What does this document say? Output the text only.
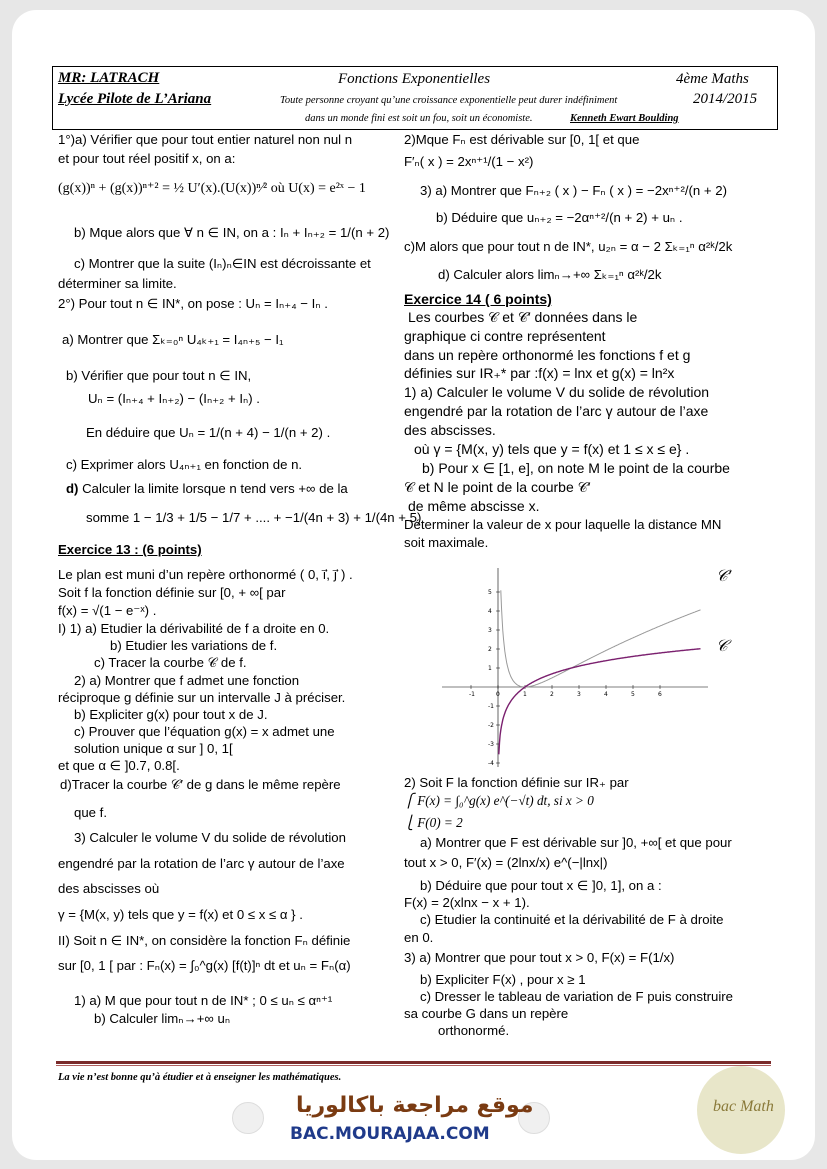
MR: LATRACH
Lycée Pilote de L’Ariana
Fonctions Exponentielles
Toute personne croyant qu’une croissance exponentielle peut durer indéfiniment
dans un monde fini est soit un fou, soit un économiste.	Kenneth Ewart Boulding
4ème Maths
2014/2015
1°)a) Vérifier que pour tout entier naturel non nul n
et pour tout réel positif x, on a:
(g(x))ⁿ + (g(x))ⁿ⁺² = ½ U′(x).(U(x))ⁿ⁄² où U(x) = e²ˣ − 1
b) Mque alors que ∀ n ∈ IN, on a : Iₙ + Iₙ₊₂ = 1/(n + 2)
c) Montrer que la suite (Iₙ)ₙ∈IN est décroissante et
déterminer sa limite.
2°) Pour tout n ∈ IN*, on pose : Uₙ = Iₙ₊₄ − Iₙ .
a) Montrer que Σₖ₌₀ⁿ U₄ₖ₊₁ = I₄ₙ₊₅ − I₁
b) Vérifier que pour tout n ∈ IN,
Uₙ = (Iₙ₊₄ + Iₙ₊₂) − (Iₙ₊₂ + Iₙ) .
En déduire que Uₙ = 1/(n + 4) − 1/(n + 2) .
c) Exprimer alors U₄ₙ₊₁ en fonction de n.
d) Calculer la limite lorsque n tend vers +∞ de la
somme 1 − 1/3 + 1/5 − 1/7 + .... + −1/(4n + 3) + 1/(4n + 5)
Exercice 13 : (6 points)
Le plan est muni d’un repère orthonormé ( 0, i⃗, j⃗ ) .
Soit f la fonction définie sur [0, + ∞[ par
f(x) = √(1 − e⁻ˣ) .
I) 1) a) Etudier la dérivabilité de f a droite en 0.
b) Etudier les variations de f.
c) Tracer la courbe 𝒞 de f.
2) a) Montrer que f admet une fonction
réciproque g définie sur un intervalle J à préciser.
b) Expliciter g(x) pour tout x de J.
c) Prouver que l’équation g(x) = x admet une
solution unique α sur ] 0, 1[
et que α ∈ ]0.7, 0.8[.
d)Tracer la courbe 𝒞′ de g dans le même repère
que f.
3) Calculer le volume V du solide de révolution
engendré par la rotation de l’arc γ autour de l’axe
des abscisses où
γ = {M(x, y) tels que y = f(x) et 0 ≤ x ≤ α } .
II) Soit n ∈ IN*, on considère la fonction Fₙ définie
sur [0, 1 [ par : Fₙ(x) = ∫₀^g(x) [f(t)]ⁿ dt et uₙ = Fₙ(α)
1) a) M que pour tout n de IN* ; 0 ≤ uₙ ≤ αⁿ⁺¹
b) Calculer limₙ→+∞ uₙ
2)Mque Fₙ est dérivable sur [0, 1[ et que
F′ₙ( x ) = 2xⁿ⁺¹/(1 − x²)
3) a) Montrer que Fₙ₊₂ ( x ) − Fₙ ( x ) = −2xⁿ⁺²/(n + 2)
b) Déduire que uₙ₊₂ = −2αⁿ⁺²/(n + 2) + uₙ .
c)M alors que pour tout n de IN*, u₂ₙ = α − 2 Σₖ₌₁ⁿ α²ᵏ/2k
d) Calculer alors limₙ→+∞ Σₖ₌₁ⁿ α²ᵏ/2k
Exercice 14 ( 6 points)
Les courbes 𝒞 et 𝒞′ données dans le
graphique ci contre représentent
dans un repère orthonormé les fonctions f et g
définies sur IR₊* par :f(x) = lnx et g(x) = ln²x
1) a) Calculer le volume V du solide de révolution
engendré par la rotation de l’arc γ autour de l’axe
des abscisses.
où γ = {M(x, y) tels que y = f(x) et 1 ≤ x ≤ e} .
b) Pour x ∈ [1, e], on note M le point de la courbe
𝒞 et N le point de la courbe 𝒞′
de même abscisse x.
Déterminer la valeur de x pour laquelle la distance MN
soit maximale.
2) Soit F la fonction définie sur IR₊ par
⎧ F(x) = ∫₀^g(x) e^(−√t) dt, si x > 0
⎩ F(0) = 2
a) Montrer que F est dérivable sur ]0, +∞[ et que pour
tout x > 0, F′(x) = (2lnx/x) e^(−|lnx|)
b) Déduire que pour tout x ∈ ]0, 1], on a :
F(x) = 2(xlnx − x + 1).
c) Etudier la continuité et la dérivabilité de F à droite
en 0.
3) a) Montrer que pour tout x > 0, F(x) = F(1/x)
b) Expliciter F(x) , pour x ≥ 1
c) Dresser le tableau de variation de F puis construire
sa courbe G dans un repère
orthonormé.
-1	0	1	2	3	4	5	6
5
4
3
2
1
-1
-2
-3
-4
𝒞′
𝒞
La vie n’est bonne qu’à étudier et à enseigner les mathématiques.
موقع مراجعة باكالوريا
BAC.MOURAJAA.COM
bac Math
